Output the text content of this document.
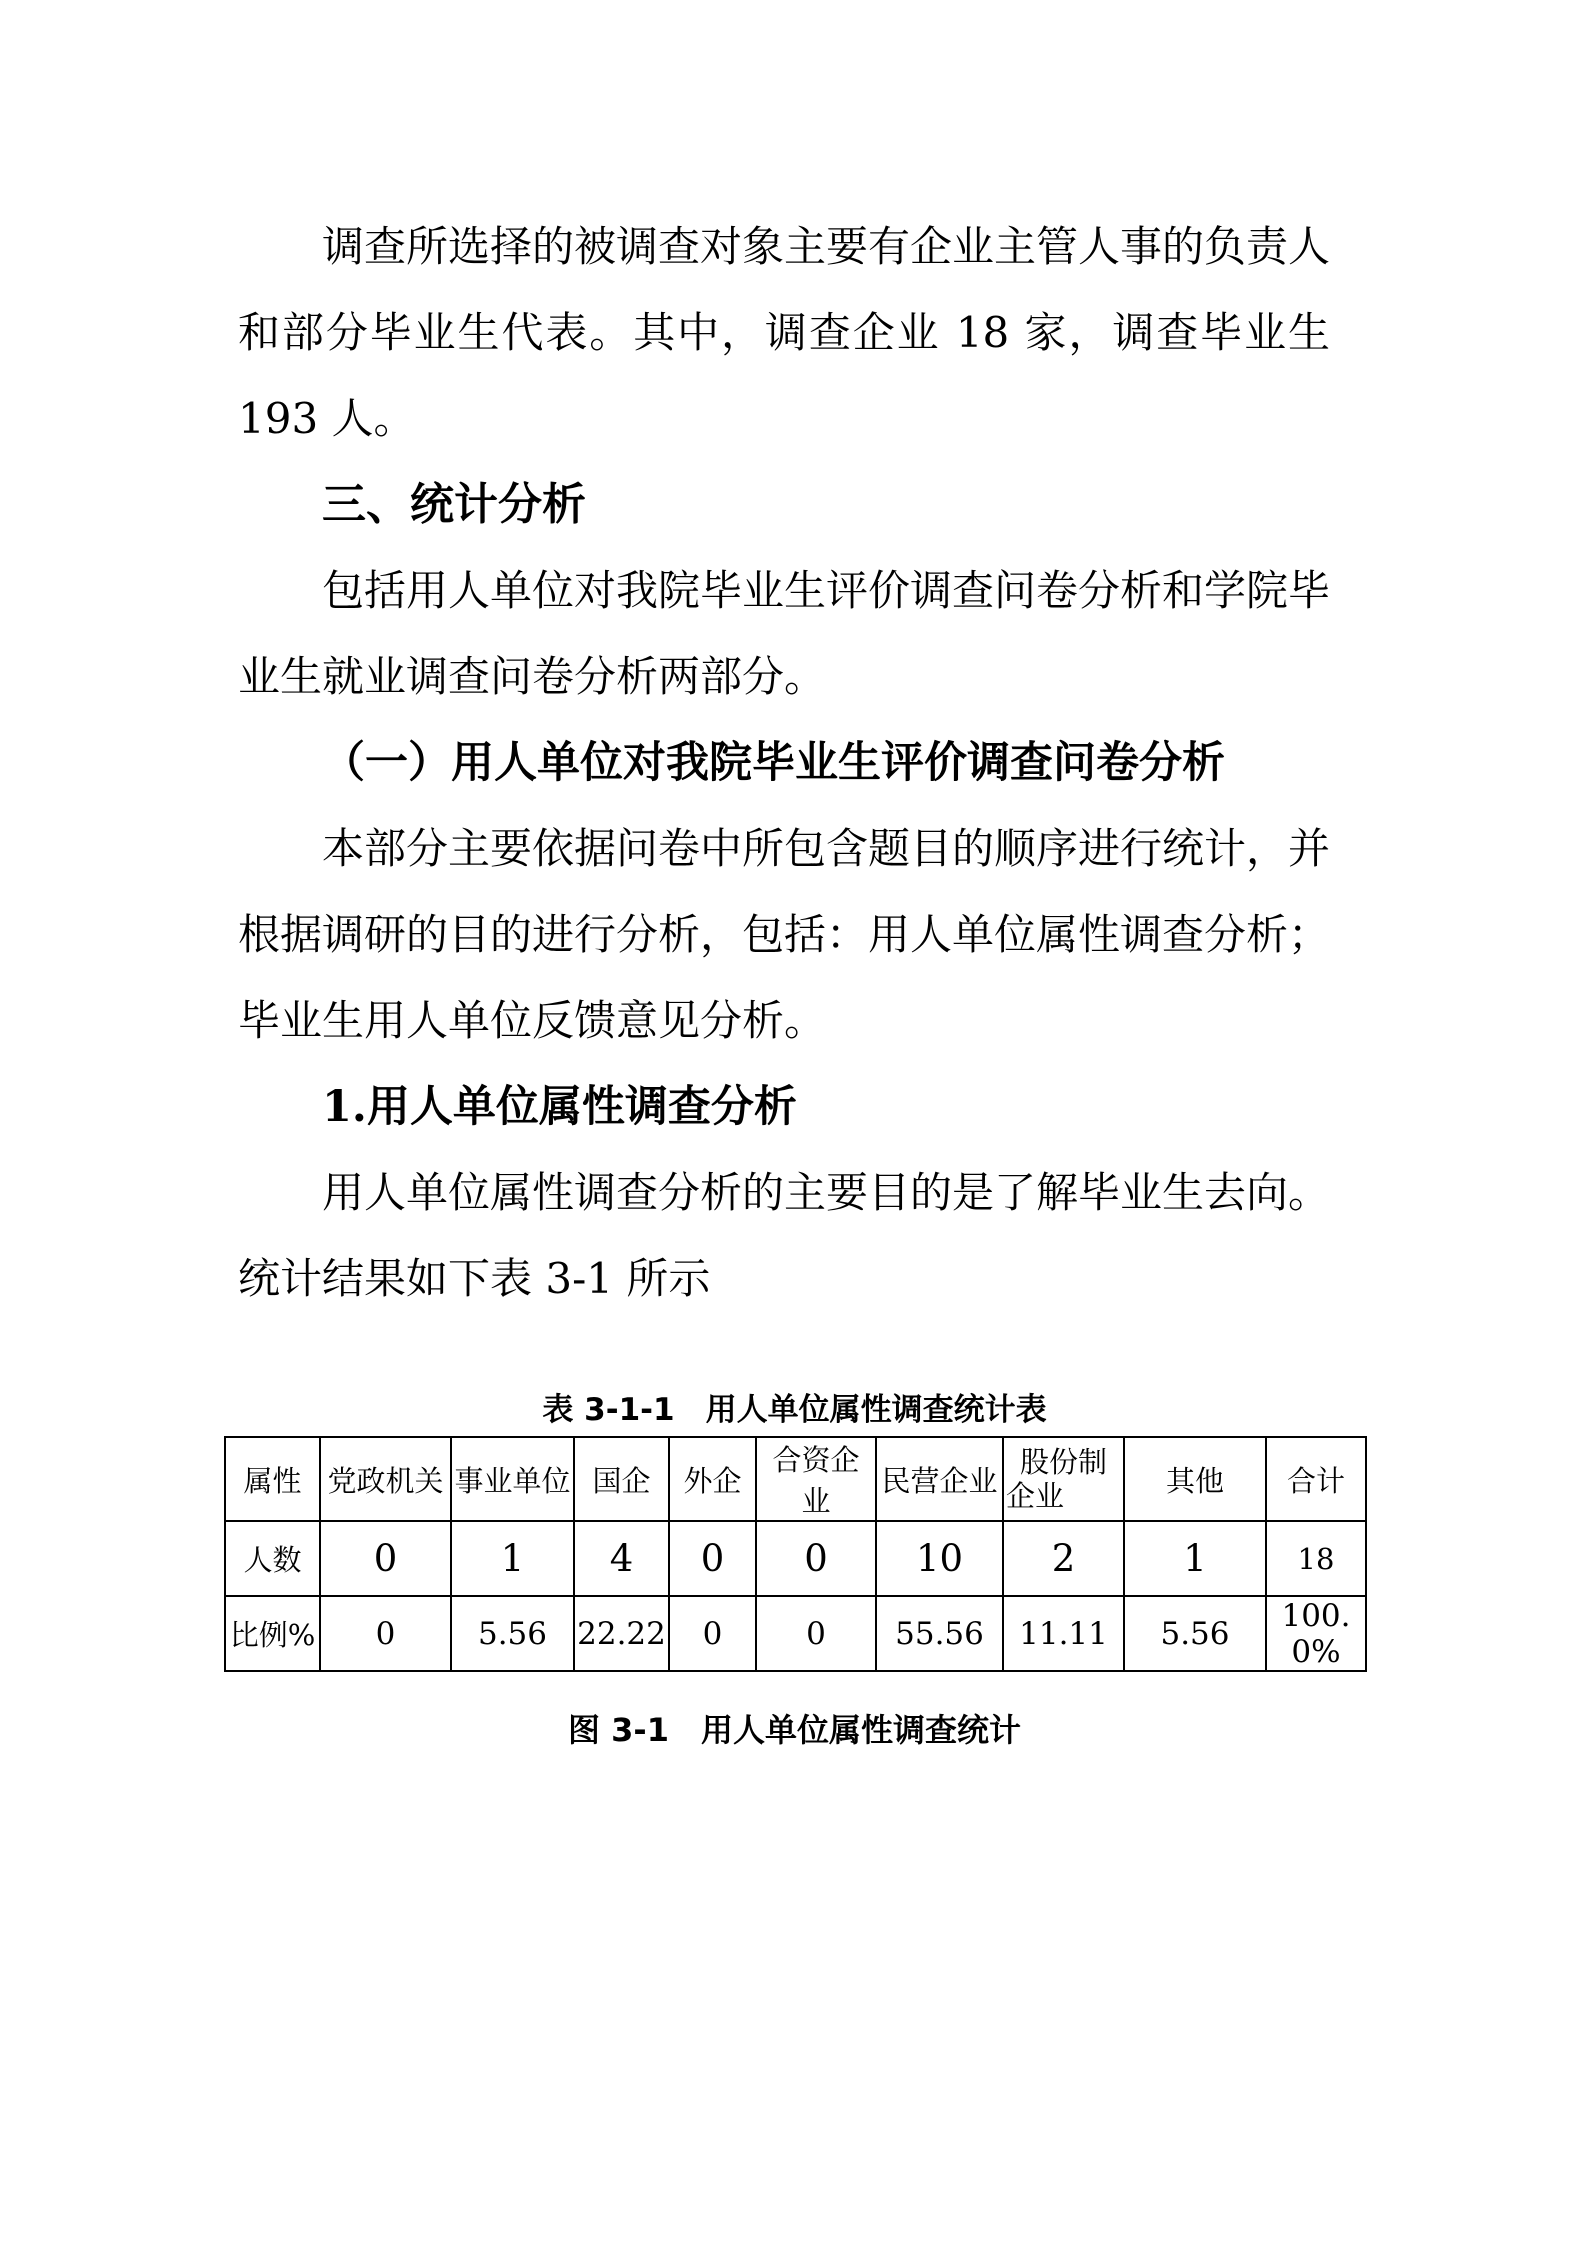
调查所选择的被调查对象主要有企业主管人事的负责人和部分毕业生代表。其中，调查企业 18 家，调查毕业生 193 人。

三、统计分析

包括用人单位对我院毕业生评价调查问卷分析和学院毕业生就业调查问卷分析两部分。

（一）用人单位对我院毕业生评价调查问卷分析

本部分主要依据问卷中所包含题目的顺序进行统计，并根据调研的目的进行分析，包括：用人单位属性调查分析；毕业生用人单位反馈意见分析。

1.用人单位属性调查分析

用人单位属性调查分析的主要目的是了解毕业生去向。统计结果如下表 3-1 所示

表 3-1-1　用人单位属性调查统计表
属性	党政机关	事业单位	国企	外企	合资企业	民营企业	股份制企业	其他	合计
人数	0	1	4	0	0	10	2	1	18
比例%	0	5.56	22.22	0	0	55.56	11.11	5.56	100. 0%
图 3-1　用人单位属性调查统计
